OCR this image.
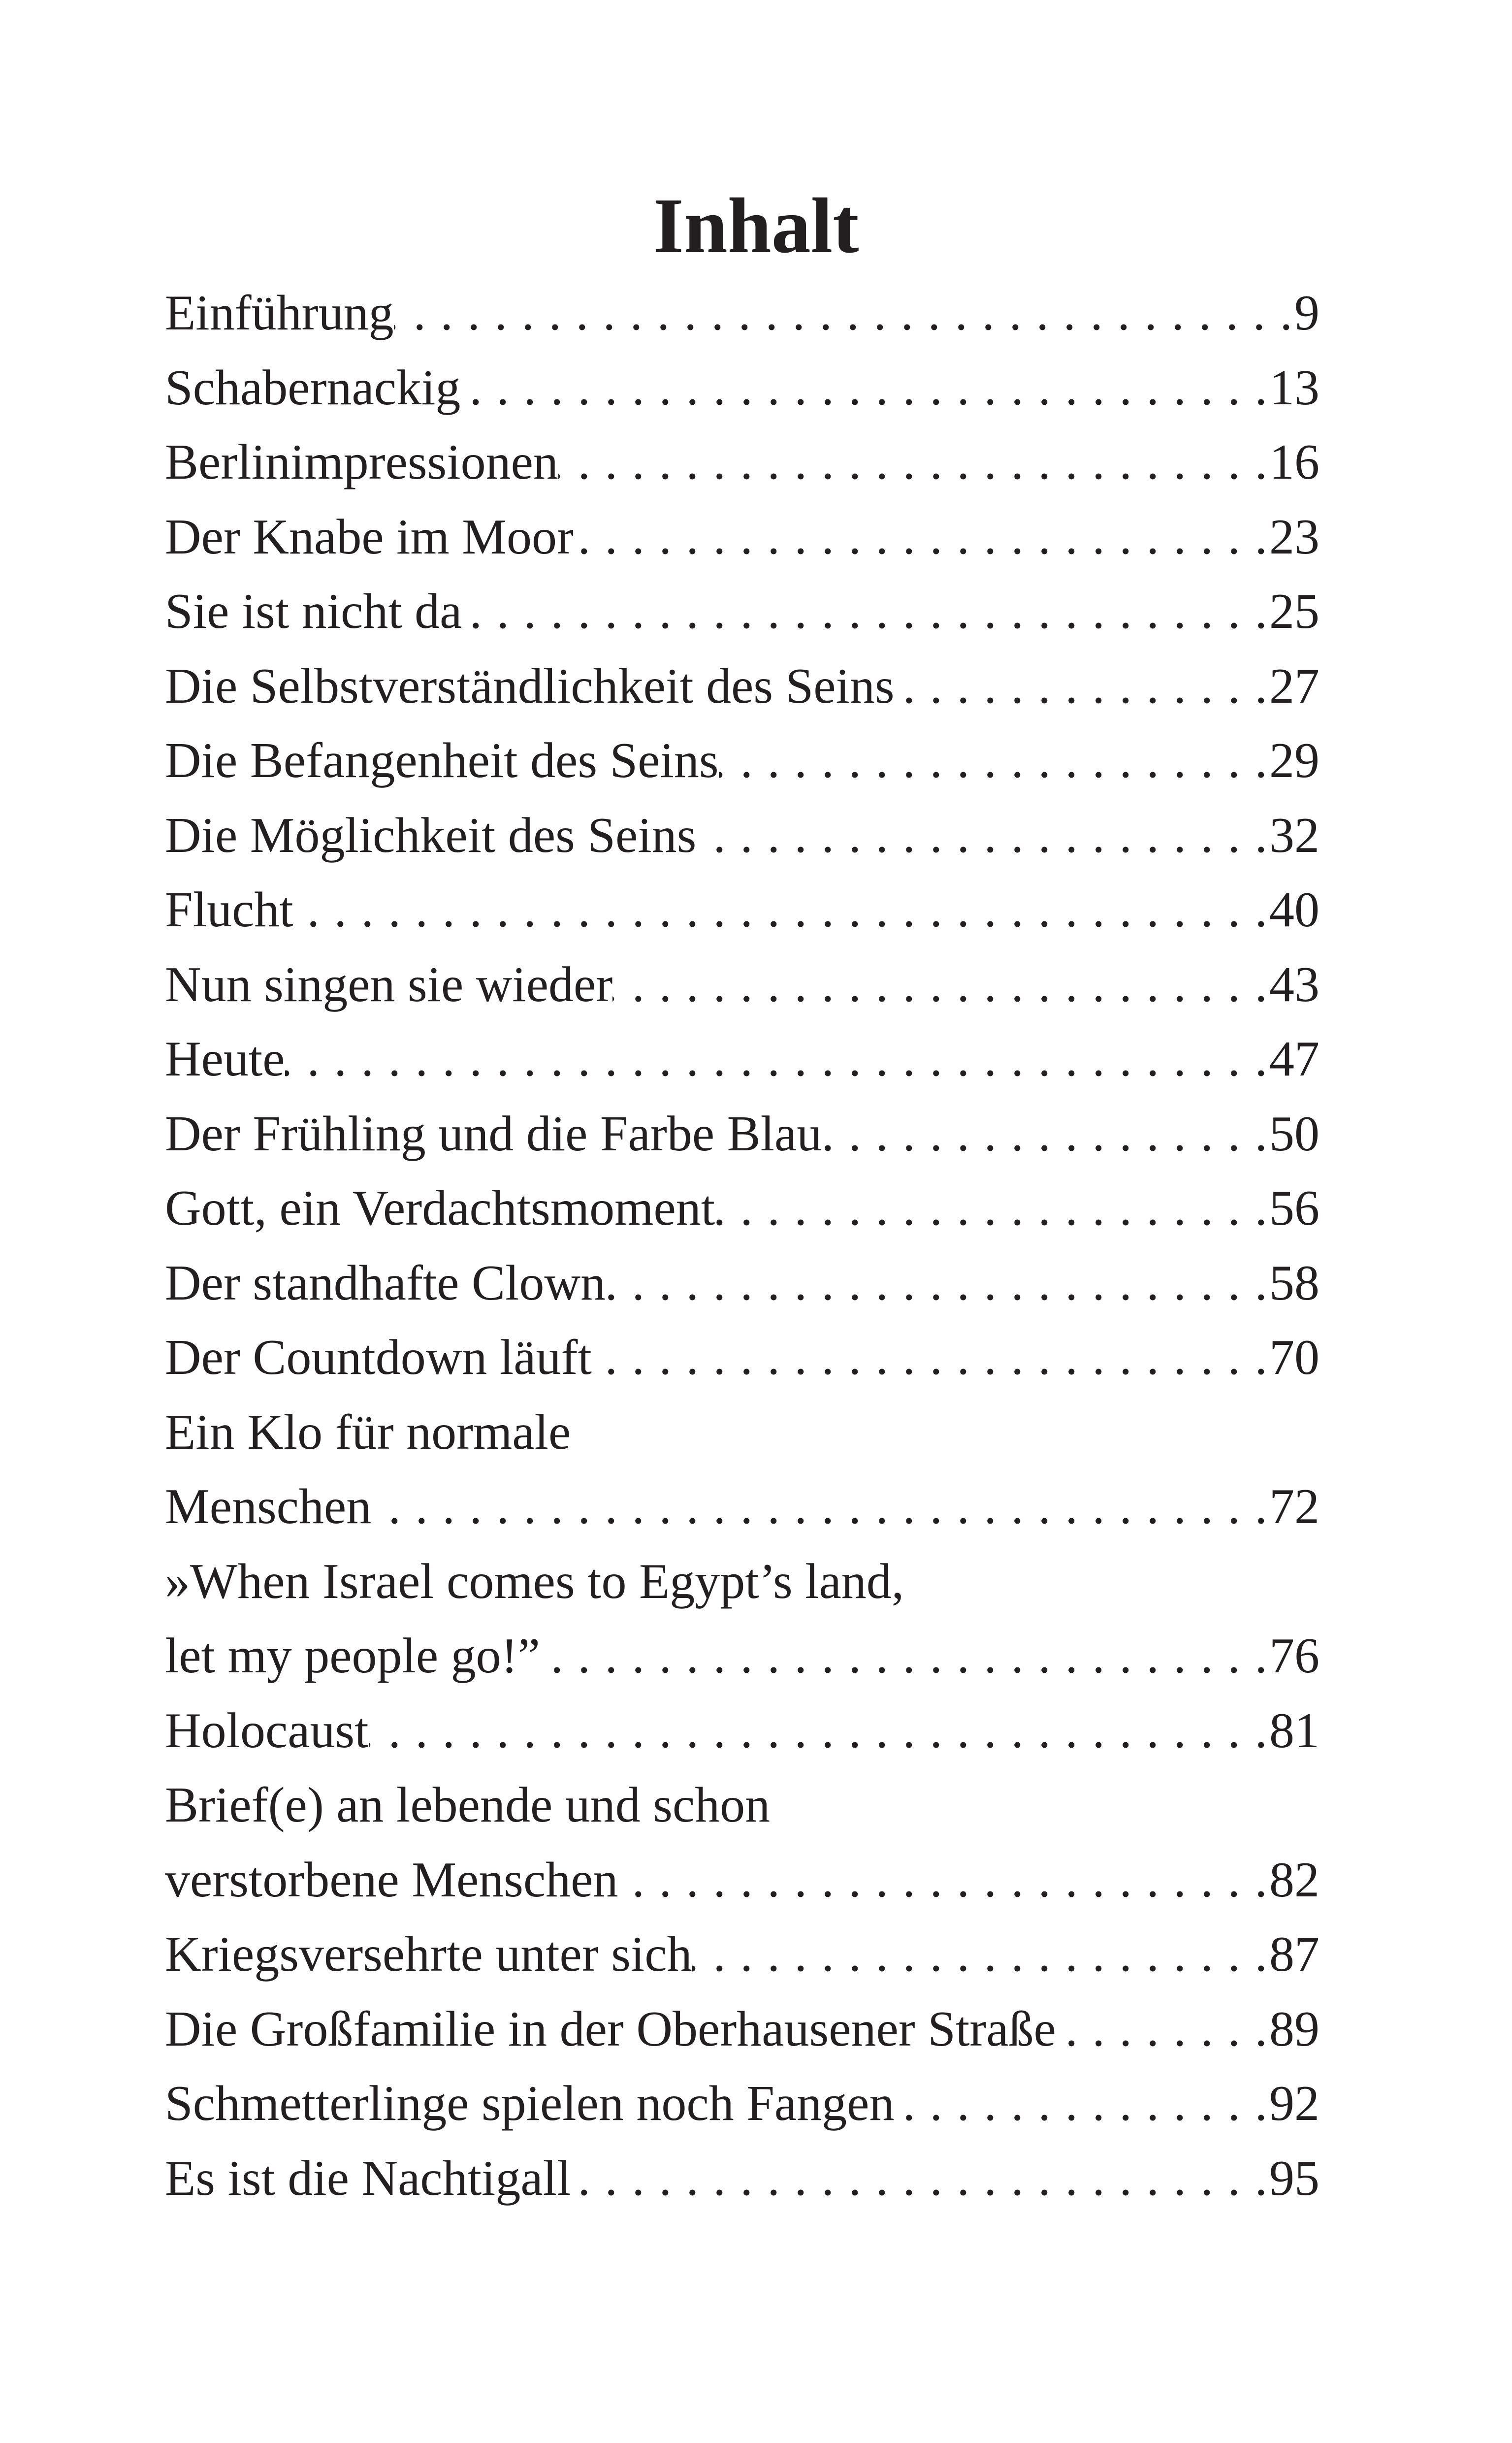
Inhalt
Einführung . . .	9
Schabernackig . . .	13
Berlinimpressionen . . .	16
Der Knabe im Moor . . .	23
Sie ist nicht da . . .	25
Die Selbstverständlichkeit des Seins . . .	27
Die Befangenheit des Seins . . .	29
Die Möglichkeit des Seins . . .	32
Flucht . . .	40
Nun singen sie wieder . . .	43
Heute . . .	47
Der Frühling und die Farbe Blau . . .	50
Gott, ein Verdachtsmoment . . .	56
Der standhafte Clown . . .	58
Der Countdown läuft . . .	70
Ein Klo für normale
Menschen . . .	72
»When Israel comes to Egypt’s land,
let my people go!” . . .	76
Holocaust . . .	81
Brief(e) an lebende und schon
verstorbene Menschen . . .	82
Kriegsversehrte unter sich . . .	87
Die Großfamilie in der Oberhausener Straße . . .	89
Schmetterlinge spielen noch Fangen . . .	92
Es ist die Nachtigall . . .	95
